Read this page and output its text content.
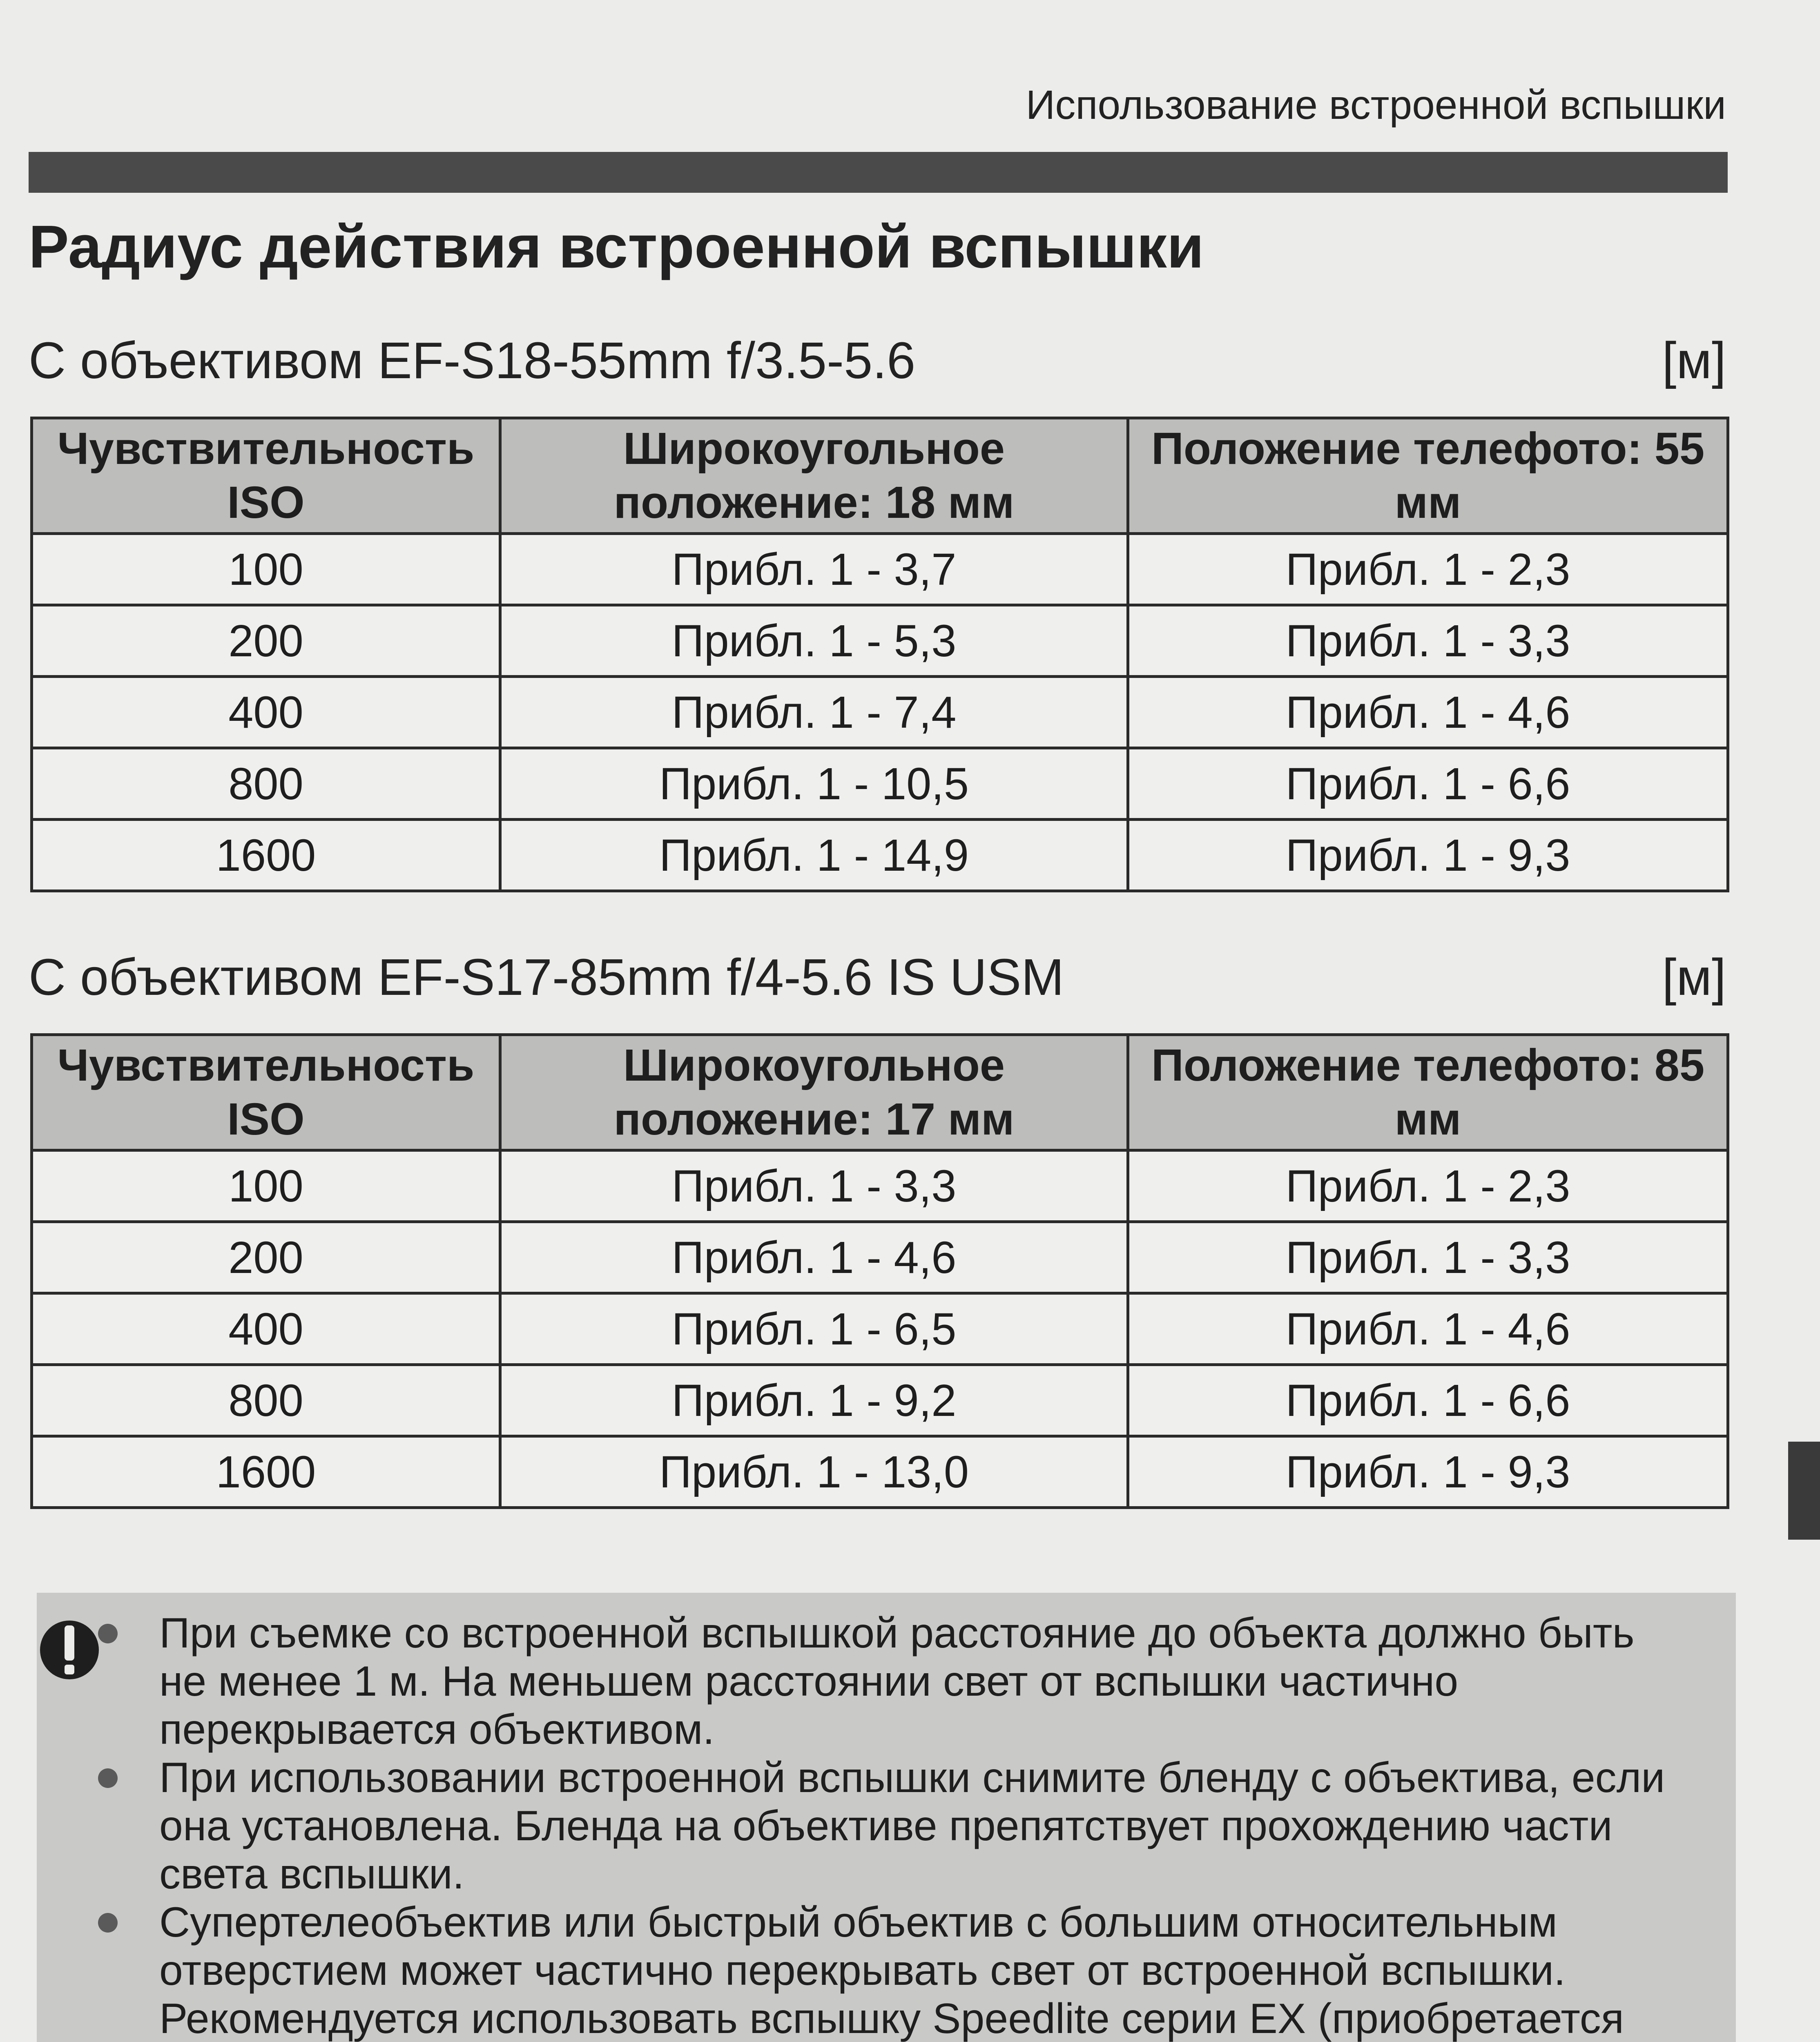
Использование встроенной вспышки
Радиус действия встроенной вспышки
С объективом EF-S18-55mm f/3.5-5.6	[м]
Чувствительность ISO	Широкоугольное положение: 18 мм	Положение телефото: 55 мм
100	Прибл. 1 - 3,7	Прибл. 1 - 2,3
200	Прибл. 1 - 5,3	Прибл. 1 - 3,3
400	Прибл. 1 - 7,4	Прибл. 1 - 4,6
800	Прибл. 1 - 10,5	Прибл. 1 - 6,6
1600	Прибл. 1 - 14,9	Прибл. 1 - 9,3
С объективом EF-S17-85mm f/4-5.6 IS USM	[м]
Чувствительность ISO	Широкоугольное положение: 17 мм	Положение телефото: 85 мм
100	Прибл. 1 - 3,3	Прибл. 1 - 2,3
200	Прибл. 1 - 4,6	Прибл. 1 - 3,3
400	Прибл. 1 - 6,5	Прибл. 1 - 4,6
800	Прибл. 1 - 9,2	Прибл. 1 - 6,6
1600	Прибл. 1 - 13,0	Прибл. 1 - 9,3
При съемке со встроенной вспышкой расстояние до объекта должно быть не менее 1 м. На меньшем расстоянии свет от вспышки частично перекрывается объективом.
При использовании встроенной вспышки снимите бленду с объектива, если она установлена. Бленда на объективе препятствует прохождению части света вспышки.
Супертелеобъектив или быстрый объектив с большим относительным отверстием может частично перекрывать свет от встроенной вспышки. Рекомендуется использовать вспышку Speedlite серии EX (приобретается
